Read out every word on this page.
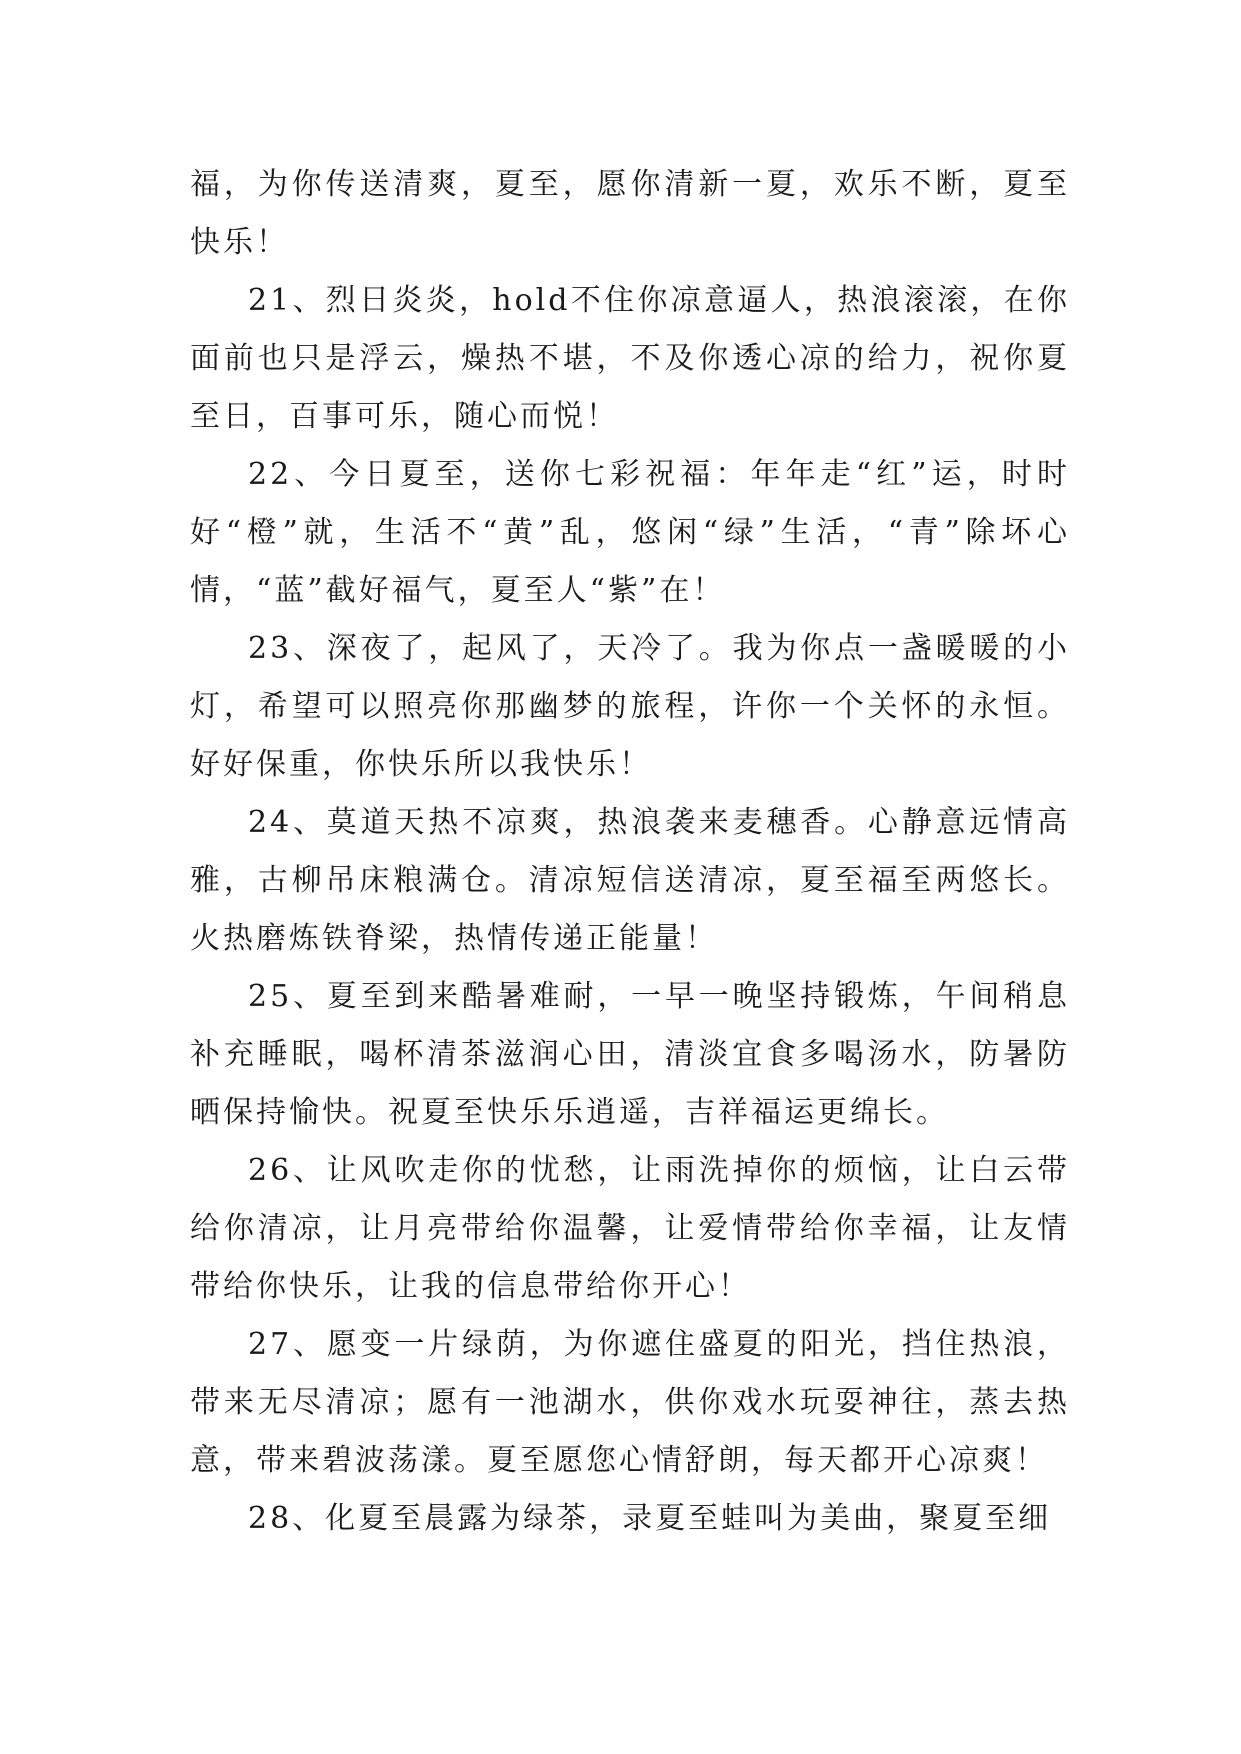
福，为你传送清爽，夏至，愿你清新一夏，欢乐不断，夏至快乐！

21、烈日炎炎，hold不住你凉意逼人，热浪滚滚，在你面前也只是浮云，燥热不堪，不及你透心凉的给力，祝你夏至日，百事可乐，随心而悦！

22、今日夏至，送你七彩祝福：年年走“红”运，时时好“橙”就，生活不“黄”乱，悠闲“绿”生活，“青”除坏心情，“蓝”截好福气，夏至人“紫”在！

23、深夜了，起风了，天冷了。我为你点一盏暖暖的小灯，希望可以照亮你那幽梦的旅程，许你一个关怀的永恒。好好保重，你快乐所以我快乐！

24、莫道天热不凉爽，热浪袭来麦穗香。心静意远情高雅，古柳吊床粮满仓。清凉短信送清凉，夏至福至两悠长。火热磨炼铁脊梁，热情传递正能量！

25、夏至到来酷暑难耐，一早一晚坚持锻炼，午间稍息补充睡眠，喝杯清茶滋润心田，清淡宜食多喝汤水，防暑防晒保持愉快。祝夏至快乐乐逍遥，吉祥福运更绵长。

26、让风吹走你的忧愁，让雨洗掉你的烦恼，让白云带给你清凉，让月亮带给你温馨，让爱情带给你幸福，让友情带给你快乐，让我的信息带给你开心！

27、愿变一片绿荫，为你遮住盛夏的阳光，挡住热浪，带来无尽清凉；愿有一池湖水，供你戏水玩耍神往，蒸去热意，带来碧波荡漾。夏至愿您心情舒朗，每天都开心凉爽！

28、化夏至晨露为绿茶，录夏至蛙叫为美曲，聚夏至细
